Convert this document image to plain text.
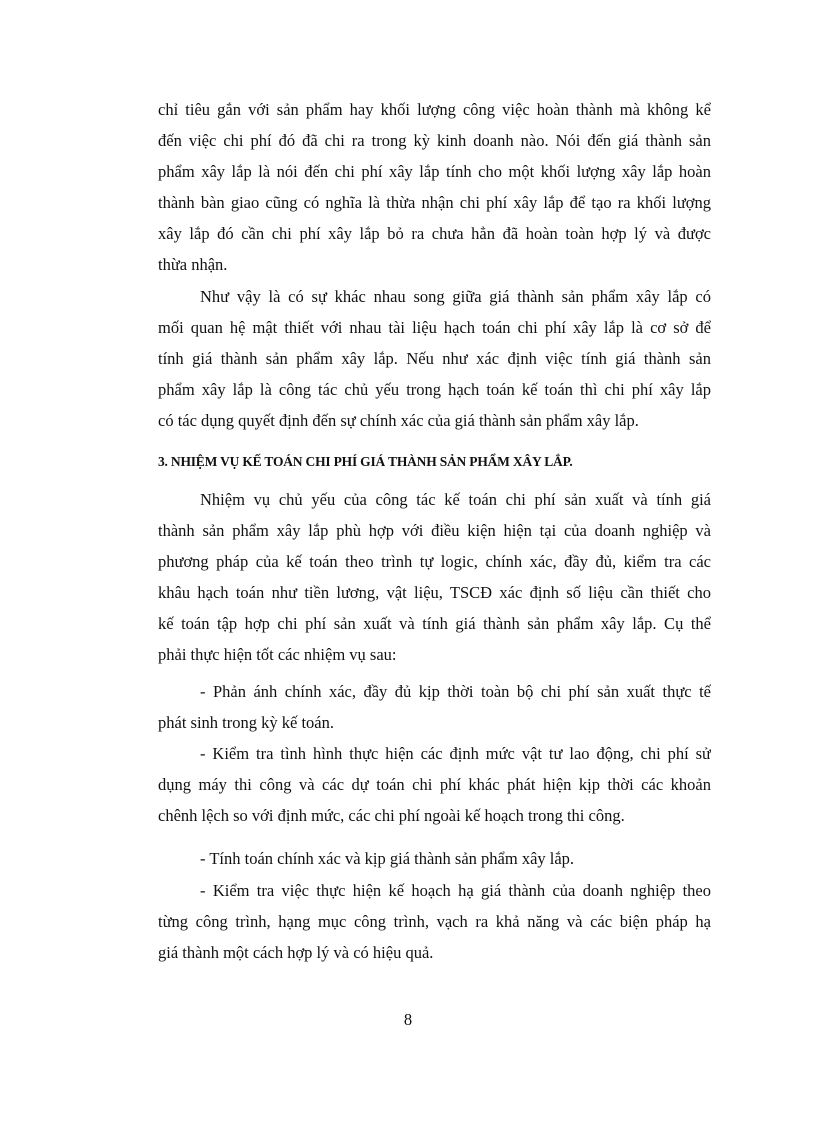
chỉ tiêu gắn với sản phẩm hay khối lượng công việc hoàn thành mà không kể
đến việc chi phí đó đã chi ra trong kỳ kinh doanh nào. Nói đến giá thành sản
phẩm xây lắp là nói đến chi phí xây lắp tính cho một khối lượng xây lắp hoàn
thành bàn giao cũng có nghĩa là thừa nhận chi phí xây lắp để tạo ra khối lượng
xây lắp đó cần chi phí xây lắp bỏ ra chưa hẳn đã hoàn toàn hợp lý và được
thừa nhận.
Như vậy là có sự khác nhau song giữa giá thành sản phẩm xây lắp có
mối quan hệ mật thiết với nhau tài liệu hạch toán chi phí xây lắp là cơ sở để
tính giá thành sản phẩm xây lắp. Nếu như xác định việc tính giá thành sản
phẩm xây lắp là công tác chủ yếu trong hạch toán kế toán thì chi phí xây lắp
có tác dụng quyết định đến sự chính xác của giá thành sản phẩm xây lắp.
3. NHIỆM VỤ KẾ TOÁN CHI PHÍ GIÁ THÀNH SẢN PHẨM XÂY LẮP.
Nhiệm vụ chủ yếu của công tác kế toán chi phí sản xuất và tính giá
thành sản phẩm xây lắp phù hợp với điều kiện hiện tại của doanh nghiệp và
phương pháp của kế toán theo trình tự logic, chính xác, đầy đủ, kiểm tra các
khâu hạch toán như tiền lương, vật liệu, TSCĐ xác định số liệu cần thiết cho
kế toán tập hợp chi phí sản xuất và tính giá thành sản phẩm xây lắp. Cụ thể
phải thực hiện tốt các nhiệm vụ sau:
- Phản ánh chính xác, đầy đủ kịp thời toàn bộ chi phí sản xuất thực tế
phát sinh trong kỳ kế toán.
- Kiểm tra tình hình thực hiện các định mức vật tư lao động, chi phí sử
dụng máy thi công và các dự toán chi phí khác phát hiện kịp thời các khoản
chênh lệch so với định mức, các chi phí ngoài kế hoạch trong thi công.
- Tính toán chính xác và kịp giá thành sản phẩm xây lắp.
- Kiểm tra việc thực hiện kế hoạch hạ giá thành của doanh nghiệp theo
từng công trình, hạng mục công trình, vạch ra khả năng và các biện pháp hạ
giá thành một cách hợp lý và có hiệu quả.
8
